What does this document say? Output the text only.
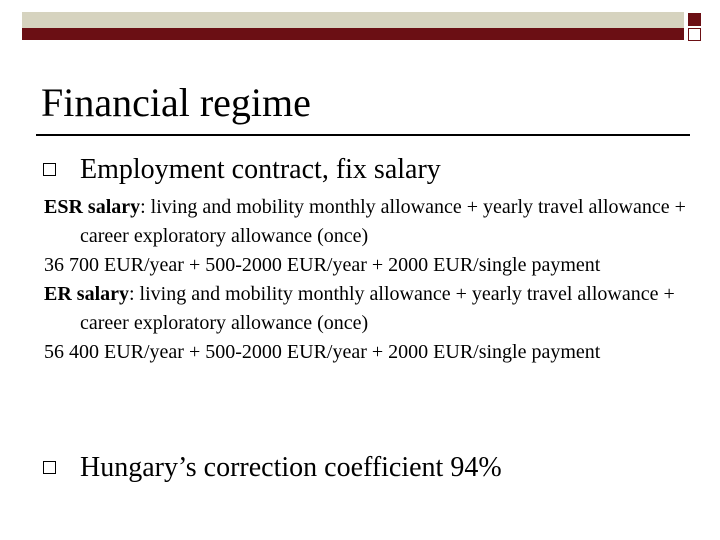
Financial regime
Employment contract, fix salary

ESR salary: living and mobility monthly allowance + yearly travel allowance + career exploratory allowance (once)

36 700 EUR/year + 500-2000 EUR/year + 2000 EUR/single payment

ER salary: living and mobility monthly allowance + yearly travel allowance + career exploratory allowance (once)

56 400 EUR/year + 500-2000 EUR/year + 2000 EUR/single payment

Hungary’s correction coefficient 94%
